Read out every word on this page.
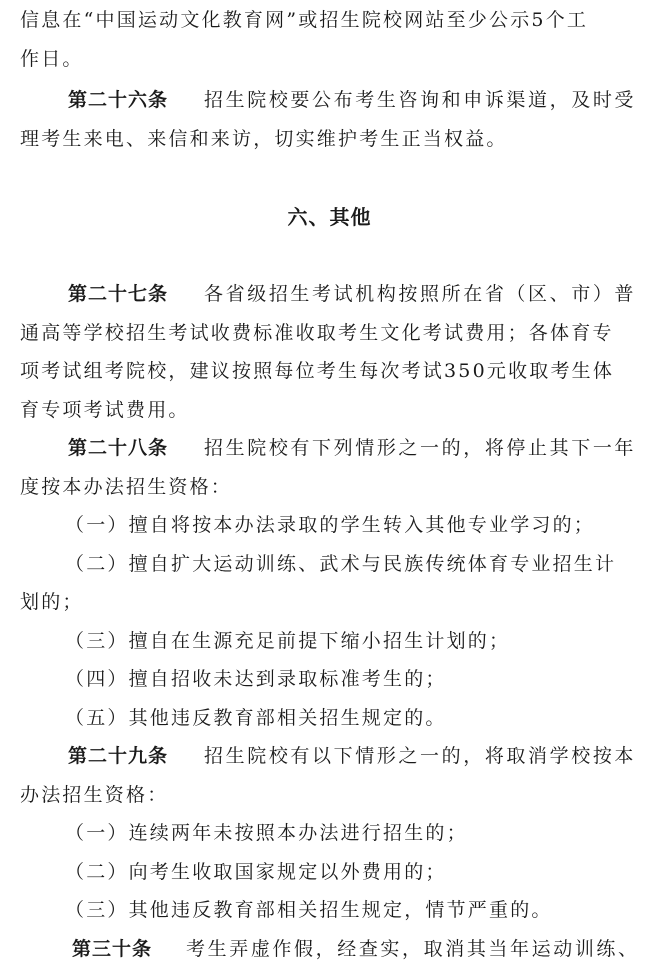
信息在“中国运动文化教育网”或招生院校网站至少公示5个工
作日。
第二十六条 招生院校要公布考生咨询和申诉渠道，及时受
理考生来电、来信和来访，切实维护考生正当权益。
六、其他
第二十七条 各省级招生考试机构按照所在省（区、市）普
通高等学校招生考试收费标准收取考生文化考试费用；各体育专
项考试组考院校，建议按照每位考生每次考试350元收取考生体
育专项考试费用。
第二十八条 招生院校有下列情形之一的，将停止其下一年
度按本办法招生资格：
（一）擅自将按本办法录取的学生转入其他专业学习的；
（二）擅自扩大运动训练、武术与民族传统体育专业招生计
划的；
（三）擅自在生源充足前提下缩小招生计划的；
（四）擅自招收未达到录取标准考生的；
（五）其他违反教育部相关招生规定的。
第二十九条 招生院校有以下情形之一的，将取消学校按本
办法招生资格：
（一）连续两年未按照本办法进行招生的；
（二）向考生收取国家规定以外费用的；
（三）其他违反教育部相关招生规定，情节严重的。
第三十条 考生弄虚作假，经查实，取消其当年运动训练、
